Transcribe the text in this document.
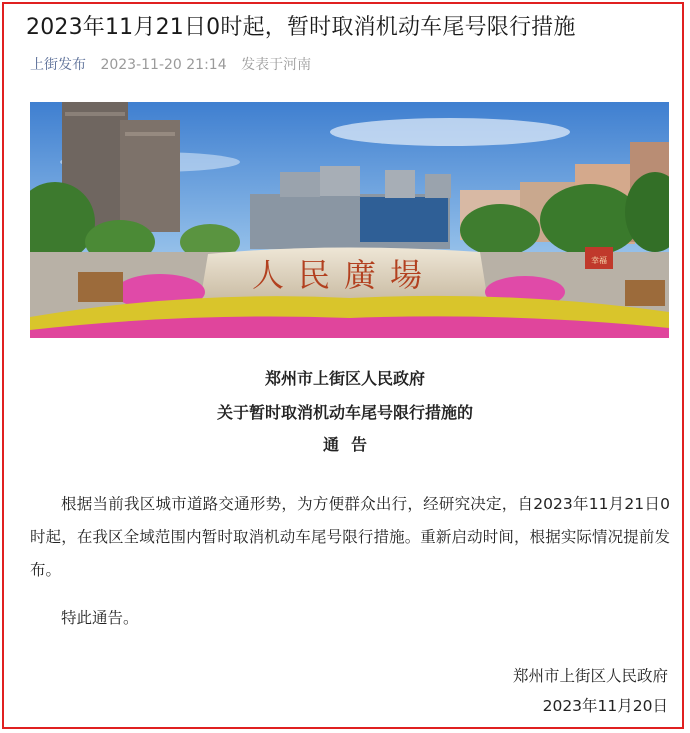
2023年11月21日0时起，暂时取消机动车尾号限行措施
上街发布 2023-11-20 21:14 发表于河南
人民廣場	幸福
郑州市上街区人民政府
关于暂时取消机动车尾号限行措施的
通告
根据当前我区城市道路交通形势，为方便群众出行，经研究决定，自2023年11月21日0时起，在我区全域范围内暂时取消机动车尾号限行措施。重新启动时间，根据实际情况提前发布。
特此通告。
郑州市上街区人民政府
2023年11月20日
